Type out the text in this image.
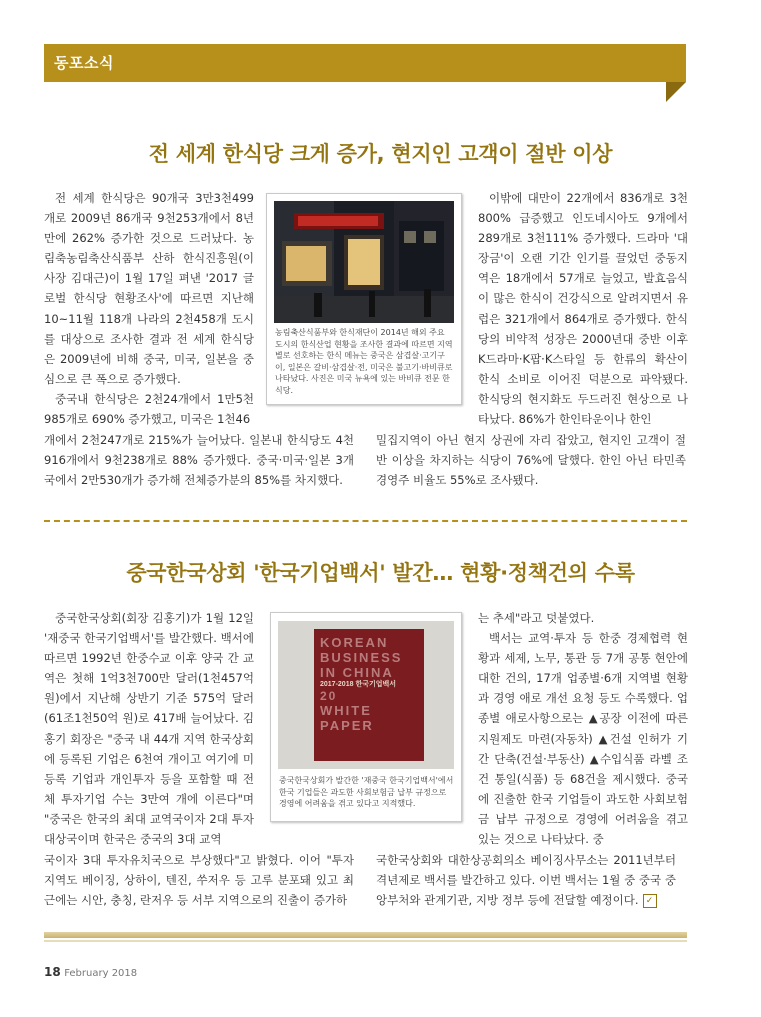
동포소식
전 세계 한식당 크게 증가, 현지인 고객이 절반 이상

전 세계 한식당은 90개국 3만3천499개로 2009년 86개국 9천253개에서 8년 만에 262% 증가한 것으로 드러났다. 농림축농림축산식품부 산하 한식진흥원(이사장 김대근)이 1월 17일 펴낸 '2017 글로벌 한식당 현황조사'에 따르면 지난해 10~11월 118개 나라의 2천458개 도시를 대상으로 조사한 결과 전 세계 한식당은 2009년에 비해 중국, 미국, 일본을 중심으로 큰 폭으로 증가했다.

중국내 한식당은 2천24개에서 1만5천985개로 690% 증가했고, 미국은 1천46

개에서 2천247개로 215%가 늘어났다. 일본내 한식당도 4천916개에서 9천238개로 88% 증가했다. 중국·미국·일본 3개국에서 2만530개가 증가해 전체증가분의 85%를 차지했다.

농림축산식품부와 한식재단이 2014년 해외 주요 도시의 한식산업 현황을 조사한 결과에 따르면 지역별로 선호하는 한식 메뉴는 중국은 삼겹살·고기구이, 일본은 갈비·삼겹살·전, 미국은 불고기·바비큐로 나타났다. 사진은 미국 뉴욕에 있는 바비큐 전문 한식당.

이밖에 대만이 22개에서 836개로 3천800% 급증했고 인도네시아도 9개에서 289개로 3천111% 증가했다. 드라마 '대장금'이 오랜 기간 인기를 끌었던 중동지역은 18개에서 57개로 늘었고, 발효음식이 많은 한식이 건강식으로 알려지면서 유럽은 321개에서 864개로 증가했다. 한식당의 비약적 성장은 2000년대 중반 이후 K드라마·K팝·K스타일 등 한류의 확산이 한식 소비로 이어진 덕분으로 파악됐다. 한식당의 현지화도 두드러진 현상으로 나타났다. 86%가 한인타운이나 한인

밀집지역이 아닌 현지 상권에 자리 잡았고, 현지인 고객이 절반 이상을 차지하는 식당이 76%에 달했다. 한인 아닌 타민족 경영주 비율도 55%로 조사됐다.

중국한국상회 '한국기업백서' 발간… 현황·정책건의 수록

중국한국상회(회장 김홍기)가 1월 12일 '재중국 한국기업백서'를 발간했다. 백서에 따르면 1992년 한중수교 이후 양국 간 교역은 첫해 1억3천700만 달러(1천457억원)에서 지난해 상반기 기준 575억 달러(61조1천50억 원)로 417배 늘어났다. 김홍기 회장은 "중국 내 44개 지역 한국상회에 등록된 기업은 6천여 개이고 여기에 미등록 기업과 개인투자 등을 포함할 때 전체 투자기업 수는 3만여 개에 이른다"며 "중국은 한국의 최대 교역국이자 2대 투자대상국이며 한국은 중국의 3대 교역

국이자 3대 투자유치국으로 부상했다"고 밝혔다. 이어 "투자지역도 베이징, 상하이, 텐진, 쑤저우 등 고루 분포돼 있고 최근에는 시안, 충칭, 란저우 등 서부 지역으로의 진출이 증가하

KOREAN
BUSINESS
IN CHINA
2017-2018 한국기업백서
20
WHITE
PAPER
중국한국상회가 발간한 '재중국 한국기업백서'에서 한국 기업들은 과도한 사회보험금 납부 규정으로 경영에 어려움을 겪고 있다고 지적했다.

는 추세"라고 덧붙였다.

백서는 교역·투자 등 한중 경제협력 현황과 세제, 노무, 통관 등 7개 공통 현안에 대한 건의, 17개 업종별·6개 지역별 현황과 경영 애로 개선 요청 등도 수록했다. 업종별 애로사항으로는 ▲공장 이전에 따른 지원제도 마련(자동차) ▲건설 인허가 기간 단축(건설·부동산) ▲수입식품 라벨 조건 통일(식품) 등 68건을 제시했다. 중국에 진출한 한국 기업들이 과도한 사회보험금 납부 규정으로 경영에 어려움을 겪고 있는 것으로 나타났다. 중

국한국상회와 대한상공회의소 베이징사무소는 2011년부터 격년제로 백서를 발간하고 있다. 이번 백서는 1월 중 중국 중앙부처와 관계기관, 지방 정부 등에 전달할 예정이다. ✓

18 February 2018
